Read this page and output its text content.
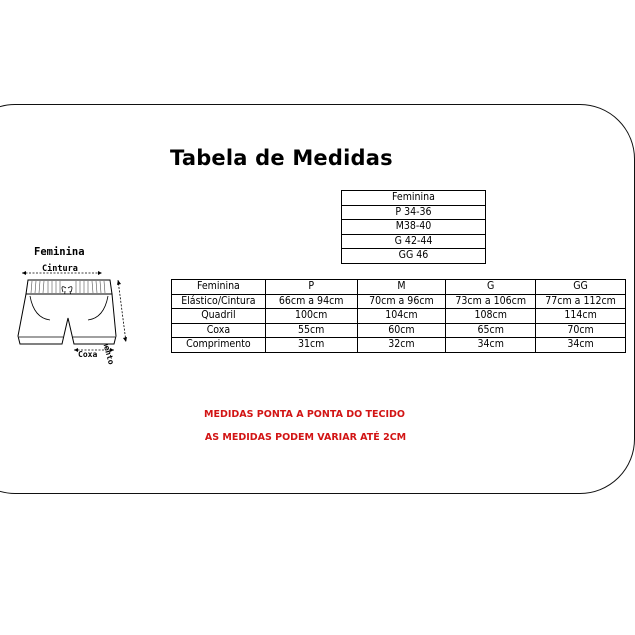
Tabela de Medidas
Feminina
P 34-36
M38-40
G 42-44
GG 46
Feminina	P	M	G	GG
Elástico/Cintura	66cm a 94cm	70cm a 96cm	73cm a 106cm	77cm a 112cm
Quadril	100cm	104cm	108cm	114cm
Coxa	55cm	60cm	65cm	70cm
Comprimento	31cm	32cm	34cm	34cm
MEDIDAS PONTA A PONTA DO TECIDO
AS MEDIDAS PODEM VARIAR ATÉ 2CM
Feminina
Cintura
Coxa
